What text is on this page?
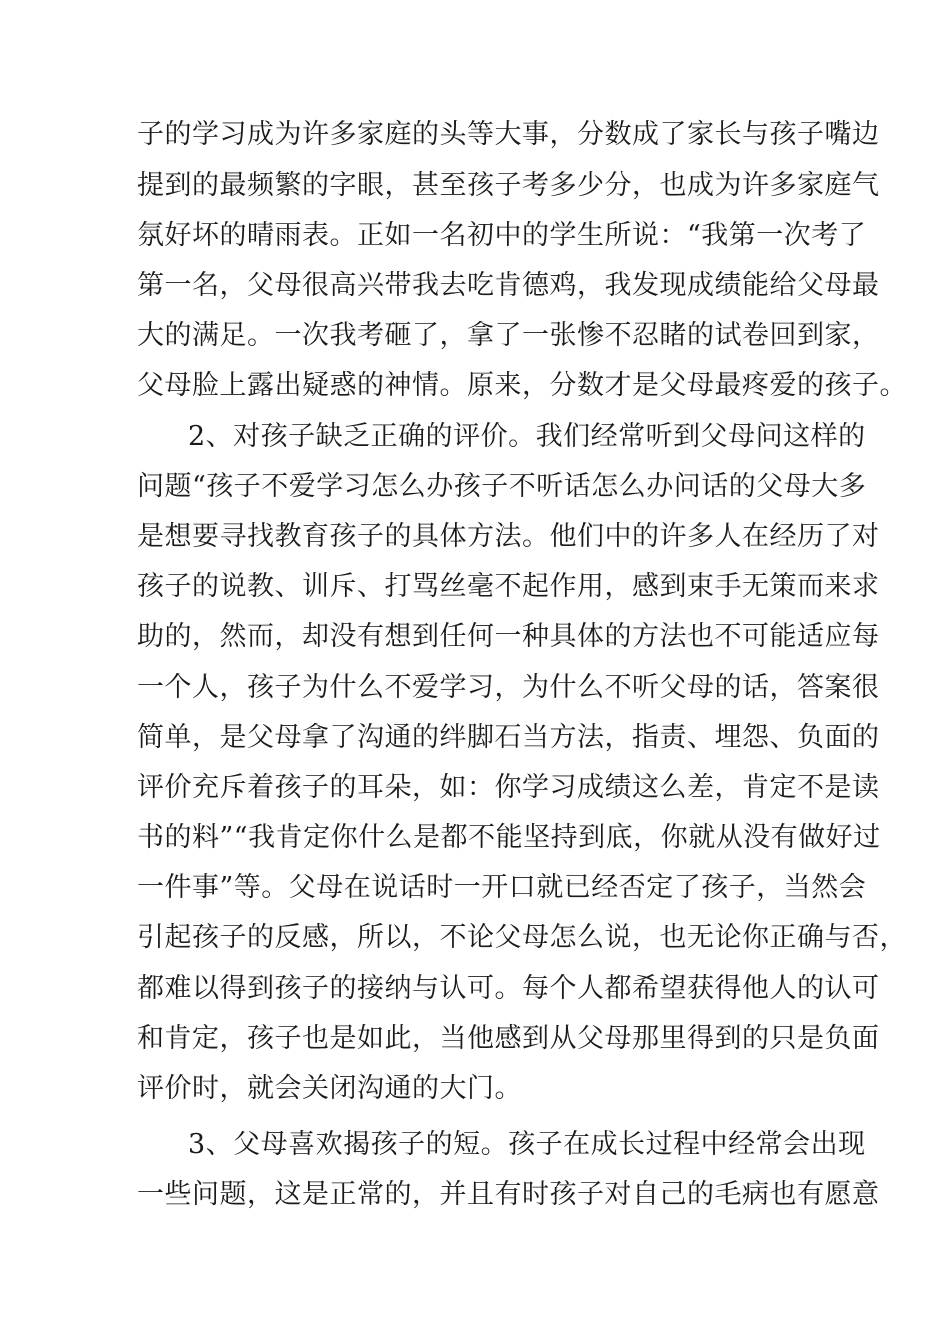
子的学习成为许多家庭的头等大事，分数成了家长与孩子嘴边
提到的最频繁的字眼，甚至孩子考多少分，也成为许多家庭气
氛好坏的晴雨表。正如一名初中的学生所说：“我第一次考了
第一名，父母很高兴带我去吃肯德鸡，我发现成绩能给父母最
大的满足。一次我考砸了，拿了一张惨不忍睹的试卷回到家，
父母脸上露出疑惑的神情。原来，分数才是父母最疼爱的孩子。
2、对孩子缺乏正确的评价。我们经常听到父母问这样的
问题“孩子不爱学习怎么办孩子不听话怎么办问话的父母大多
是想要寻找教育孩子的具体方法。他们中的许多人在经历了对
孩子的说教、训斥、打骂丝毫不起作用，感到束手无策而来求
助的，然而，却没有想到任何一种具体的方法也不可能适应每
一个人，孩子为什么不爱学习，为什么不听父母的话，答案很
简单，是父母拿了沟通的绊脚石当方法，指责、埋怨、负面的
评价充斥着孩子的耳朵，如：你学习成绩这么差，肯定不是读
书的料”“我肯定你什么是都不能坚持到底，你就从没有做好过
一件事”等。父母在说话时一开口就已经否定了孩子，当然会
引起孩子的反感，所以，不论父母怎么说，也无论你正确与否，
都难以得到孩子的接纳与认可。每个人都希望获得他人的认可
和肯定，孩子也是如此，当他感到从父母那里得到的只是负面
评价时，就会关闭沟通的大门。
3、父母喜欢揭孩子的短。孩子在成长过程中经常会出现
一些问题，这是正常的，并且有时孩子对自己的毛病也有愿意
